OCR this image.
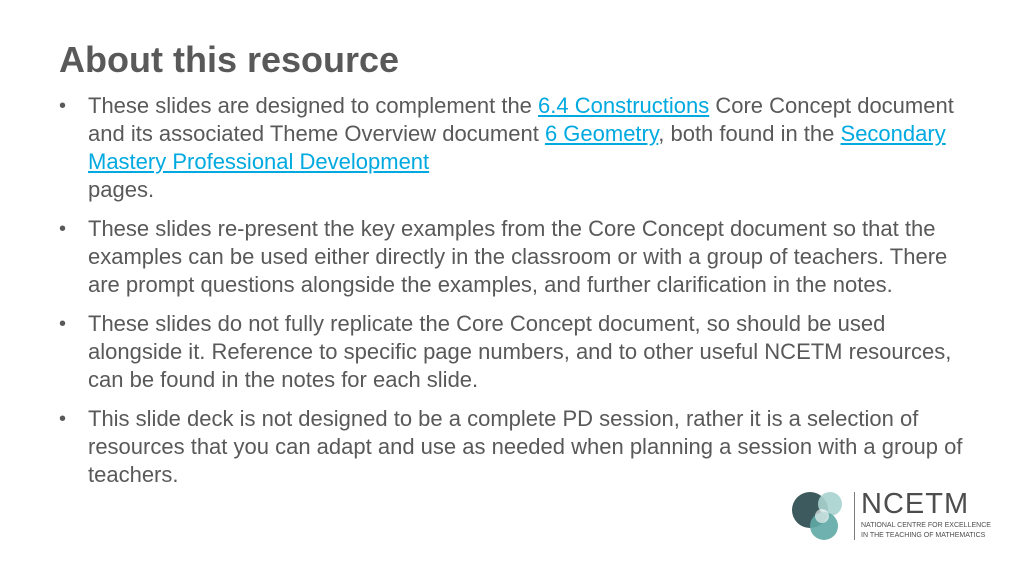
About this resource
• These slides are designed to complement the 6.4 Constructions Core Concept document and its associated Theme Overview document 6 Geometry, both found in the Secondary Mastery Professional Development
pages.
• These slides re-present the key examples from the Core Concept document so that the examples can be used either directly in the classroom or with a group of teachers. There are prompt questions alongside the examples, and further clarification in the notes.
• These slides do not fully replicate the Core Concept document, so should be used alongside it. Reference to specific page numbers, and to other useful NCETM resources, can be found in the notes for each slide.
• This slide deck is not designed to be a complete PD session, rather it is a selection of resources that you can adapt and use as needed when planning a session with a group of teachers.
NCETM
NATIONAL CENTRE FOR EXCELLENCE
IN THE TEACHING OF MATHEMATICS
